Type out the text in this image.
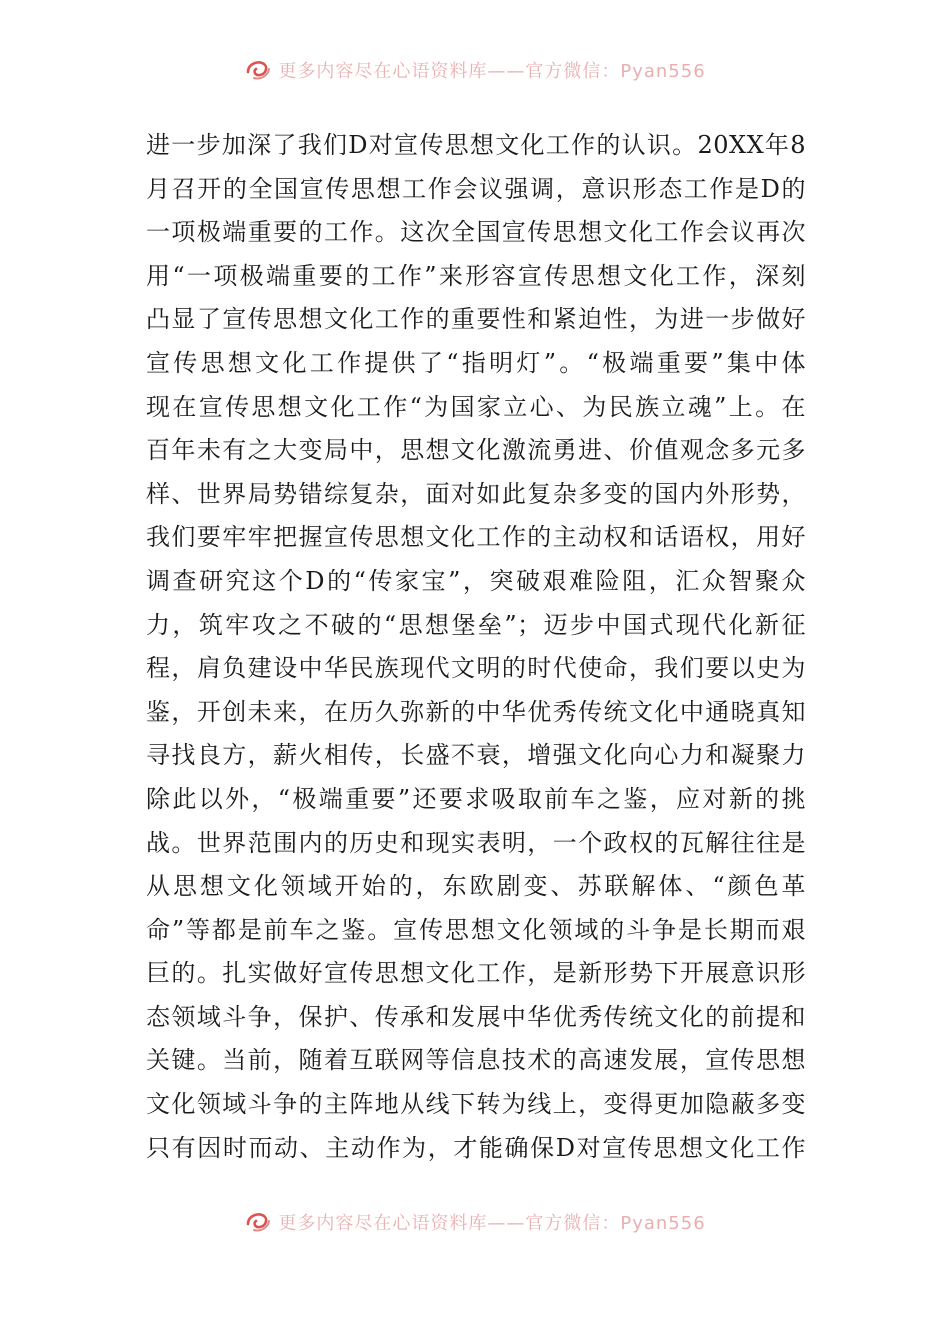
更多内容尽在心语资料库——官方微信：Pyan556
进一步加深了我们D对宣传思想文化工作的认识。20XX年8
月召开的全国宣传思想工作会议强调，意识形态工作是D的
一项极端重要的工作。这次全国宣传思想文化工作会议再次
用“一项极端重要的工作”来形容宣传思想文化工作，深刻
凸显了宣传思想文化工作的重要性和紧迫性，为进一步做好
宣传思想文化工作提供了“指明灯”。“极端重要”集中体
现在宣传思想文化工作“为国家立心、为民族立魂”上。在
百年未有之大变局中，思想文化激流勇进、价值观念多元多
样、世界局势错综复杂，面对如此复杂多变的国内外形势，
我们要牢牢把握宣传思想文化工作的主动权和话语权，用好
调查研究这个D的“传家宝”，突破艰难险阻，汇众智聚众
力，筑牢攻之不破的“思想堡垒”；迈步中国式现代化新征
程，肩负建设中华民族现代文明的时代使命，我们要以史为
鉴，开创未来，在历久弥新的中华优秀传统文化中通晓真知
寻找良方，薪火相传，长盛不衰，增强文化向心力和凝聚力
除此以外，“极端重要”还要求吸取前车之鉴，应对新的挑
战。世界范围内的历史和现实表明，一个政权的瓦解往往是
从思想文化领域开始的，东欧剧变、苏联解体、“颜色革
命”等都是前车之鉴。宣传思想文化领域的斗争是长期而艰
巨的。扎实做好宣传思想文化工作，是新形势下开展意识形
态领域斗争，保护、传承和发展中华优秀传统文化的前提和
关键。当前，随着互联网等信息技术的高速发展，宣传思想
文化领域斗争的主阵地从线下转为线上，变得更加隐蔽多变
只有因时而动、主动作为，才能确保D对宣传思想文化工作
更多内容尽在心语资料库——官方微信：Pyan556
